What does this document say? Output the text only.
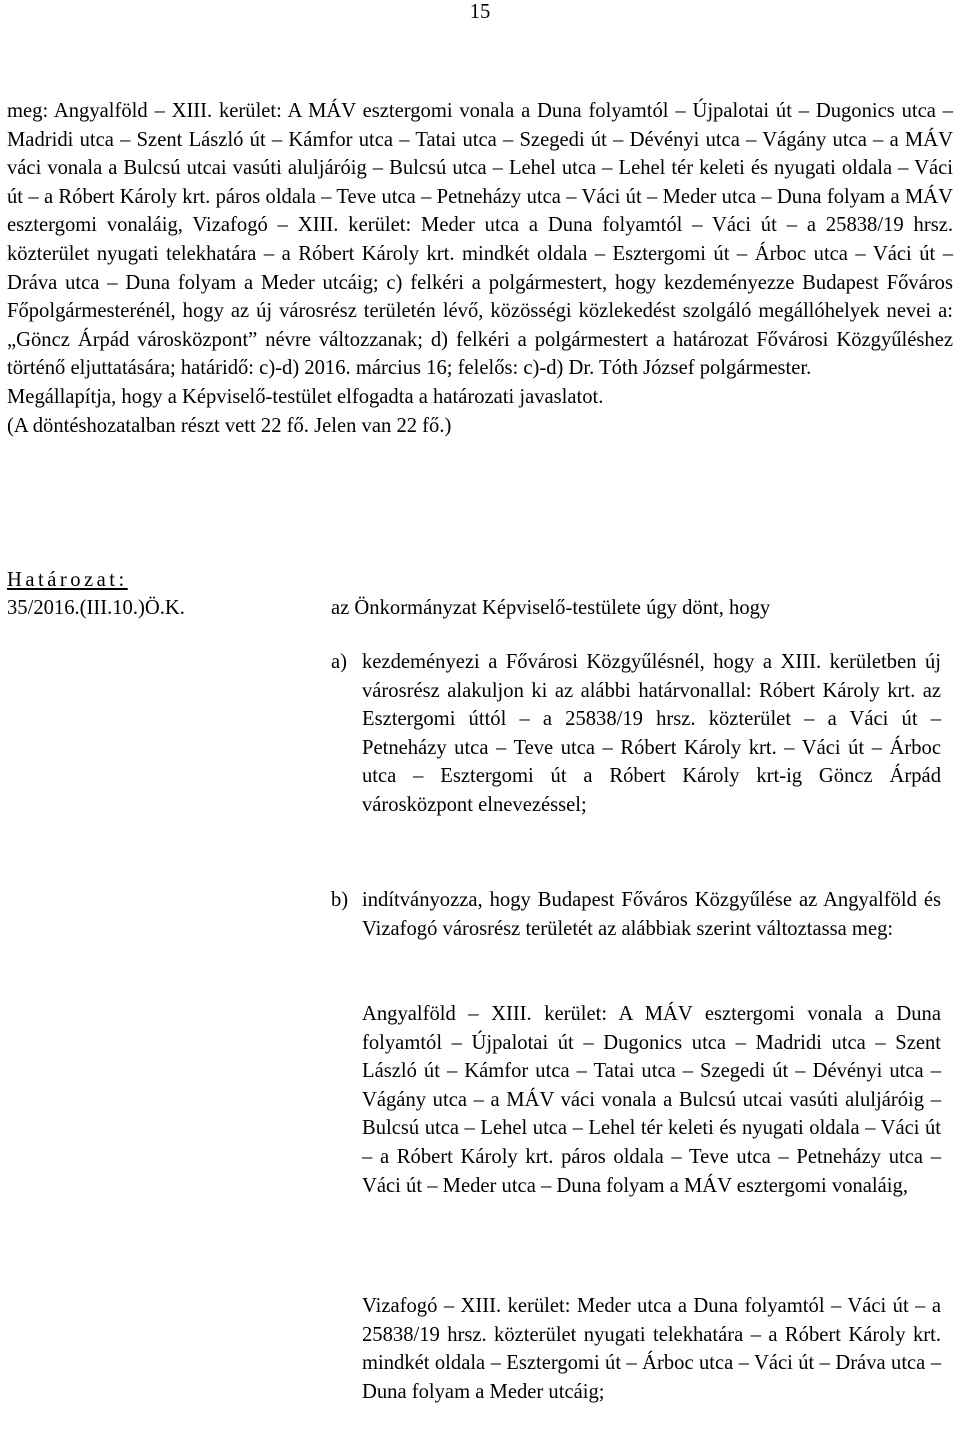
15

meg: Angyalföld – XIII. kerület: A MÁV esztergomi vonala a Duna folyamtól – Újpalotai út – Dugonics utca – Madridi utca – Szent László út – Kámfor utca – Tatai utca – Szegedi út – Dévényi utca – Vágány utca – a MÁV váci vonala a Bulcsú utcai vasúti aluljáróig – Bulcsú utca – Lehel utca – Lehel tér keleti és nyugati oldala – Váci út – a Róbert Károly krt. páros oldala – Teve utca – Petneházy utca – Váci út – Meder utca – Duna folyam a MÁV esztergomi vonaláig, Vizafogó – XIII. kerület: Meder utca a Duna folyamtól – Váci út – a 25838/19 hrsz. közterület nyugati telekhatára – a Róbert Károly krt. mindkét oldala – Esztergomi út – Árboc utca – Váci út – Dráva utca – Duna folyam a Meder utcáig; c) felkéri a polgármestert, hogy kezdeményezze Budapest Főváros Főpolgármesterénél, hogy az új városrész területén lévő, közösségi közlekedést szolgáló megállóhelyek nevei a: „Göncz Árpád városközpont” névre változzanak; d) felkéri a polgármestert a határozat Fővárosi Közgyűléshez történő eljuttatására; határidő: c)-d) 2016. március 16; felelős: c)-d) Dr. Tóth József polgármester.

Megállapítja, hogy a Képviselő-testület elfogadta a határozati javaslatot.

(A döntéshozatalban részt vett 22 fő. Jelen van 22 fő.)

Határozat:

35/2016.(III.10.)Ö.K.	az Önkormányzat Képviselő-testülete úgy dönt, hogy

a) kezdeményezi a Fővárosi Közgyűlésnél, hogy a XIII. kerületben új városrész alakuljon ki az alábbi határvonallal: Róbert Károly krt. az Esztergomi úttól – a 25838/19 hrsz. közterület – a Váci út – Petneházy utca – Teve utca – Róbert Károly krt. – Váci út – Árboc utca – Esztergomi út a Róbert Károly krt-ig Göncz Árpád városközpont elnevezéssel;
b) indítványozza, hogy Budapest Főváros Közgyűlése az Angyalföld és Vizafogó városrész területét az alábbiak szerint változtassa meg:

Angyalföld – XIII. kerület: A MÁV esztergomi vonala a Duna folyamtól – Újpalotai út – Dugonics utca – Madridi utca – Szent László út – Kámfor utca – Tatai utca – Szegedi út – Dévényi utca – Vágány utca – a MÁV váci vonala a Bulcsú utcai vasúti aluljáróig – Bulcsú utca – Lehel utca – Lehel tér keleti és nyugati oldala – Váci út – a Róbert Károly krt. páros oldala – Teve utca – Petneházy utca – Váci út – Meder utca – Duna folyam a MÁV esztergomi vonaláig,

Vizafogó – XIII. kerület: Meder utca a Duna folyamtól – Váci út – a 25838/19 hrsz. közterület nyugati telekhatára – a Róbert Károly krt. mindkét oldala – Esztergomi út – Árboc utca – Váci út – Dráva utca – Duna folyam a Meder utcáig;
